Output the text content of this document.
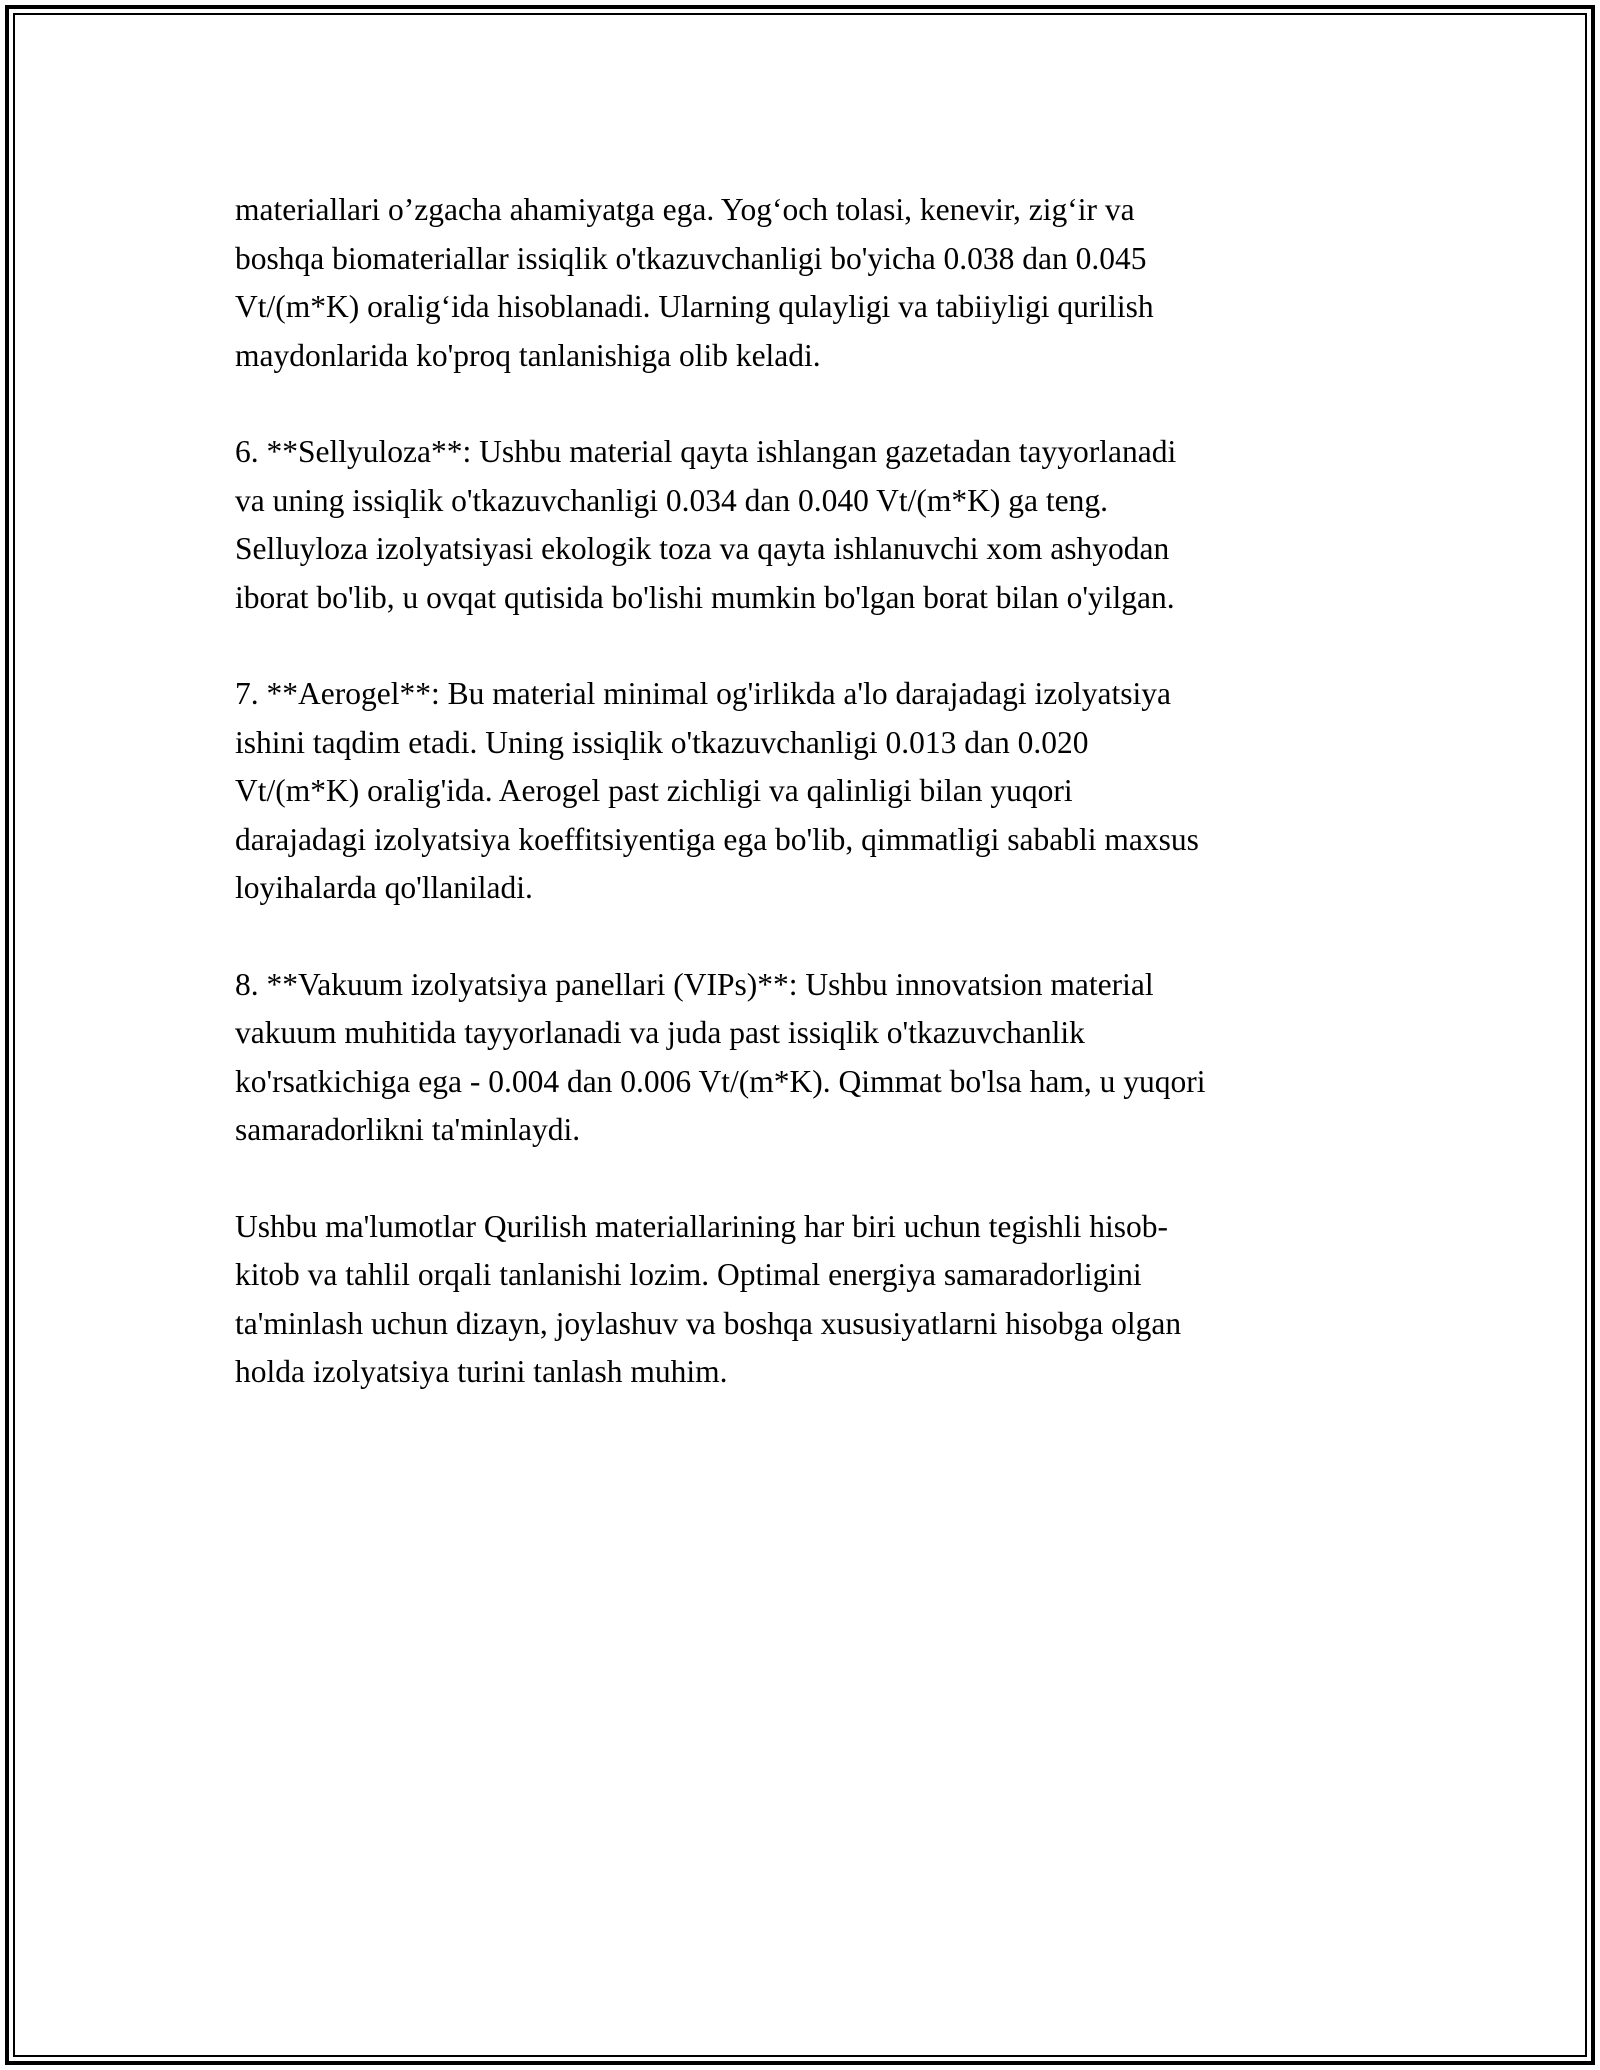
materiallari o’zgacha ahamiyatga ega. Yog‘och tolasi, kenevir, zig‘ir va
boshqa biomateriallar issiqlik o'tkazuvchanligi bo'yicha 0.038 dan 0.045
Vt/(m*K) oralig‘ida hisoblanadi. Ularning qulayligi va tabiiyligi qurilish
maydonlarida ko'proq tanlanishiga olib keladi.

6. **Sellyuloza**: Ushbu material qayta ishlangan gazetadan tayyorlanadi
va uning issiqlik o'tkazuvchanligi 0.034 dan 0.040 Vt/(m*K) ga teng.
Selluyloza izolyatsiyasi ekologik toza va qayta ishlanuvchi xom ashyodan
iborat bo'lib, u ovqat qutisida bo'lishi mumkin bo'lgan borat bilan o'yilgan.

7. **Aerogel**: Bu material minimal og'irlikda a'lo darajadagi izolyatsiya
ishini taqdim etadi. Uning issiqlik o'tkazuvchanligi 0.013 dan 0.020
Vt/(m*K) oralig'ida. Aerogel past zichligi va qalinligi bilan yuqori
darajadagi izolyatsiya koeffitsiyentiga ega bo'lib, qimmatligi sababli maxsus
loyihalarda qo'llaniladi.

8. **Vakuum izolyatsiya panellari (VIPs)**: Ushbu innovatsion material
vakuum muhitida tayyorlanadi va juda past issiqlik o'tkazuvchanlik
ko'rsatkichiga ega - 0.004 dan 0.006 Vt/(m*K). Qimmat bo'lsa ham, u yuqori
samaradorlikni ta'minlaydi.

Ushbu ma'lumotlar Qurilish materiallarining har biri uchun tegishli hisob-
kitob va tahlil orqali tanlanishi lozim. Optimal energiya samaradorligini
ta'minlash uchun dizayn, joylashuv va boshqa xususiyatlarni hisobga olgan
holda izolyatsiya turini tanlash muhim.
